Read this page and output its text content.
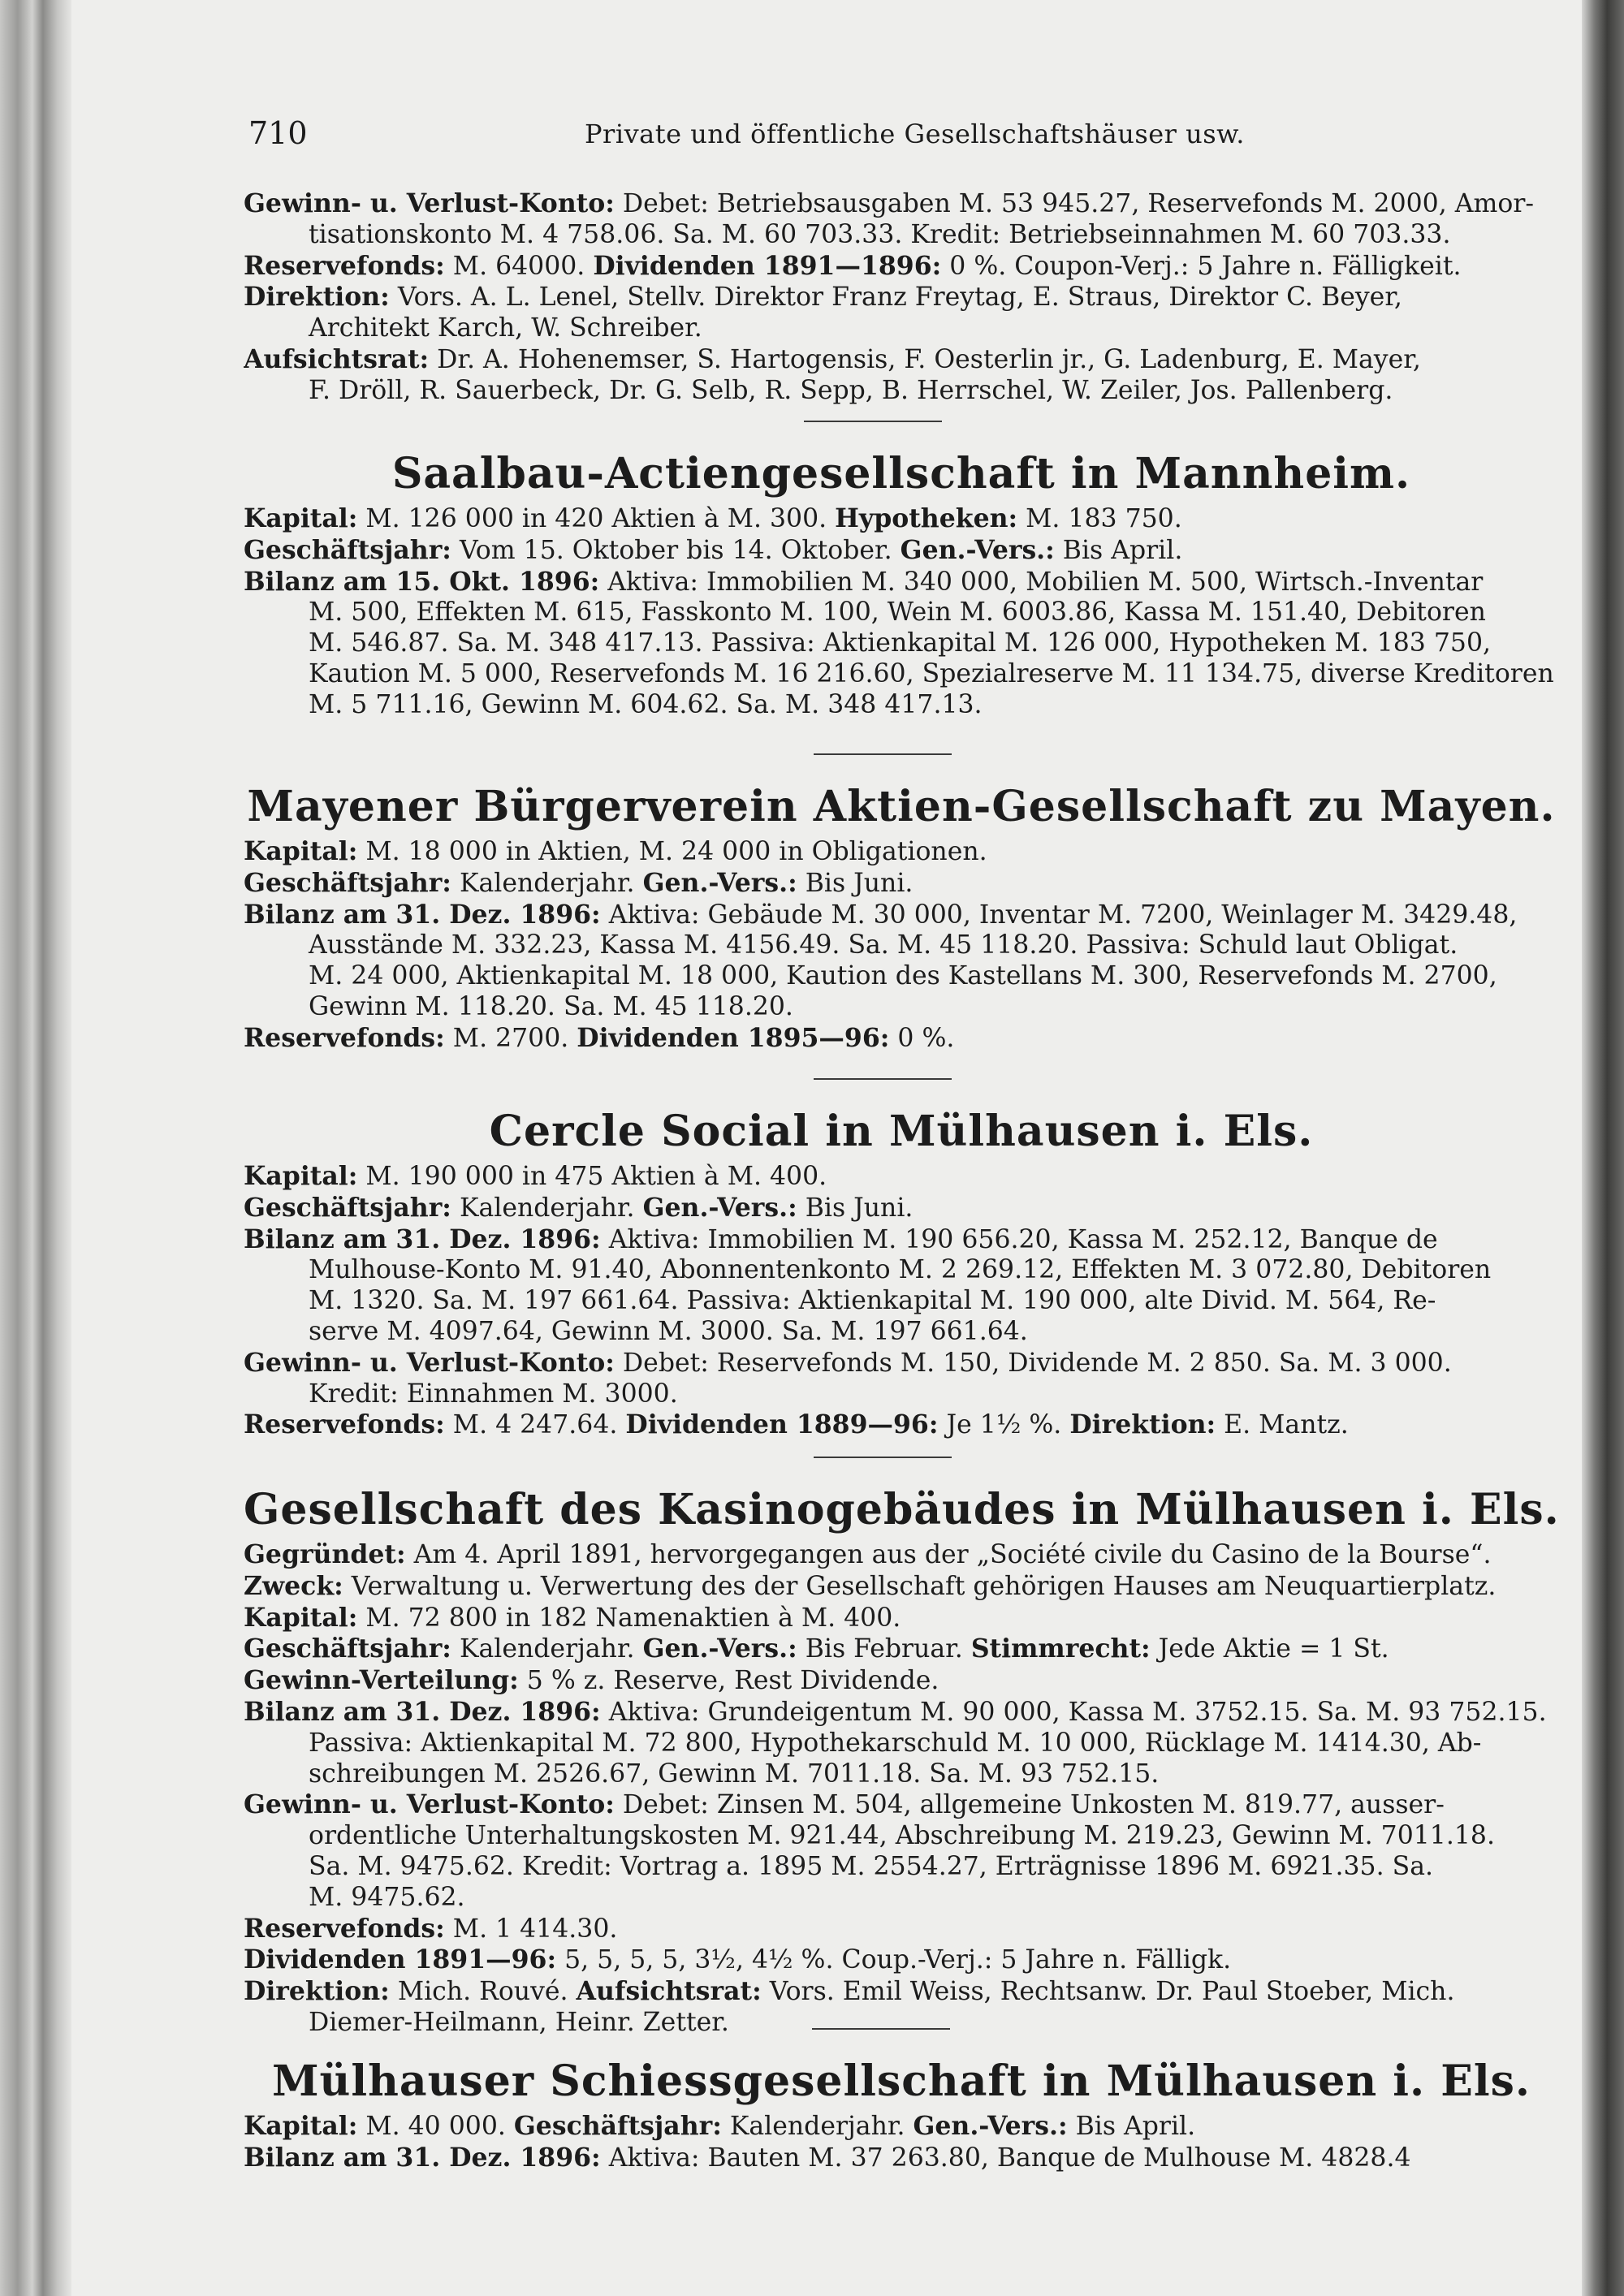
710	Private und öffentliche Gesellschaftshäuser usw.
Gewinn- u. Verlust-Konto: Debet: Betriebsausgaben M. 53 945.27, Reservefonds M. 2000, Amor-
tisationskonto M. 4 758.06. Sa. M. 60 703.33. Kredit: Betriebseinnahmen M. 60 703.33.
Reservefonds: M. 64000. Dividenden 1891—1896: 0 %. Coupon-Verj.: 5 Jahre n. Fälligkeit.
Direktion: Vors. A. L. Lenel, Stellv. Direktor Franz Freytag, E. Straus, Direktor C. Beyer,
Architekt Karch, W. Schreiber.
Aufsichtsrat: Dr. A. Hohenemser, S. Hartogensis, F. Oesterlin jr., G. Ladenburg, E. Mayer,
F. Dröll, R. Sauerbeck, Dr. G. Selb, R. Sepp, B. Herrschel, W. Zeiler, Jos. Pallenberg.
Saalbau-Actiengesellschaft in Mannheim.
Kapital: M. 126 000 in 420 Aktien à M. 300. Hypotheken: M. 183 750.
Geschäftsjahr: Vom 15. Oktober bis 14. Oktober. Gen.-Vers.: Bis April.
Bilanz am 15. Okt. 1896: Aktiva: Immobilien M. 340 000, Mobilien M. 500, Wirtsch.-Inventar
M. 500, Effekten M. 615, Fasskonto M. 100, Wein M. 6003.86, Kassa M. 151.40, Debitoren
M. 546.87. Sa. M. 348 417.13. Passiva: Aktienkapital M. 126 000, Hypotheken M. 183 750,
Kaution M. 5 000, Reservefonds M. 16 216.60, Spezialreserve M. 11 134.75, diverse Kreditoren
M. 5 711.16, Gewinn M. 604.62. Sa. M. 348 417.13.
Mayener Bürgerverein Aktien-Gesellschaft zu Mayen.
Kapital: M. 18 000 in Aktien, M. 24 000 in Obligationen.
Geschäftsjahr: Kalenderjahr. Gen.-Vers.: Bis Juni.
Bilanz am 31. Dez. 1896: Aktiva: Gebäude M. 30 000, Inventar M. 7200, Weinlager M. 3429.48,
Ausstände M. 332.23, Kassa M. 4156.49. Sa. M. 45 118.20. Passiva: Schuld laut Obligat.
M. 24 000, Aktienkapital M. 18 000, Kaution des Kastellans M. 300, Reservefonds M. 2700,
Gewinn M. 118.20. Sa. M. 45 118.20.
Reservefonds: M. 2700. Dividenden 1895—96: 0 %.
Cercle Social in Mülhausen i. Els.
Kapital: M. 190 000 in 475 Aktien à M. 400.
Geschäftsjahr: Kalenderjahr. Gen.-Vers.: Bis Juni.
Bilanz am 31. Dez. 1896: Aktiva: Immobilien M. 190 656.20, Kassa M. 252.12, Banque de
Mulhouse-Konto M. 91.40, Abonnentenkonto M. 2 269.12, Effekten M. 3 072.80, Debitoren
M. 1320. Sa. M. 197 661.64. Passiva: Aktienkapital M. 190 000, alte Divid. M. 564, Re-
serve M. 4097.64, Gewinn M. 3000. Sa. M. 197 661.64.
Gewinn- u. Verlust-Konto: Debet: Reservefonds M. 150, Dividende M. 2 850. Sa. M. 3 000.
Kredit: Einnahmen M. 3000.
Reservefonds: M. 4 247.64. Dividenden 1889—96: Je 1½ %. Direktion: E. Mantz.
Gesellschaft des Kasinogebäudes in Mülhausen i. Els.
Gegründet: Am 4. April 1891, hervorgegangen aus der „Société civile du Casino de la Bourse“.
Zweck: Verwaltung u. Verwertung des der Gesellschaft gehörigen Hauses am Neuquartierplatz.
Kapital: M. 72 800 in 182 Namenaktien à M. 400.
Geschäftsjahr: Kalenderjahr. Gen.-Vers.: Bis Februar. Stimmrecht: Jede Aktie = 1 St.
Gewinn-Verteilung: 5 % z. Reserve, Rest Dividende.
Bilanz am 31. Dez. 1896: Aktiva: Grundeigentum M. 90 000, Kassa M. 3752.15. Sa. M. 93 752.15.
Passiva: Aktienkapital M. 72 800, Hypothekarschuld M. 10 000, Rücklage M. 1414.30, Ab-
schreibungen M. 2526.67, Gewinn M. 7011.18. Sa. M. 93 752.15.
Gewinn- u. Verlust-Konto: Debet: Zinsen M. 504, allgemeine Unkosten M. 819.77, ausser-
ordentliche Unterhaltungskosten M. 921.44, Abschreibung M. 219.23, Gewinn M. 7011.18.
Sa. M. 9475.62. Kredit: Vortrag a. 1895 M. 2554.27, Erträgnisse 1896 M. 6921.35. Sa.
M. 9475.62.
Reservefonds: M. 1 414.30.
Dividenden 1891—96: 5, 5, 5, 5, 3½, 4½ %. Coup.-Verj.: 5 Jahre n. Fälligk.
Direktion: Mich. Rouvé. Aufsichtsrat: Vors. Emil Weiss, Rechtsanw. Dr. Paul Stoeber, Mich.
Diemer-Heilmann, Heinr. Zetter.
Mülhauser Schiessgesellschaft in Mülhausen i. Els.
Kapital: M. 40 000. Geschäftsjahr: Kalenderjahr. Gen.-Vers.: Bis April.
Bilanz am 31. Dez. 1896: Aktiva: Bauten M. 37 263.80, Banque de Mulhouse M. 4828.4
